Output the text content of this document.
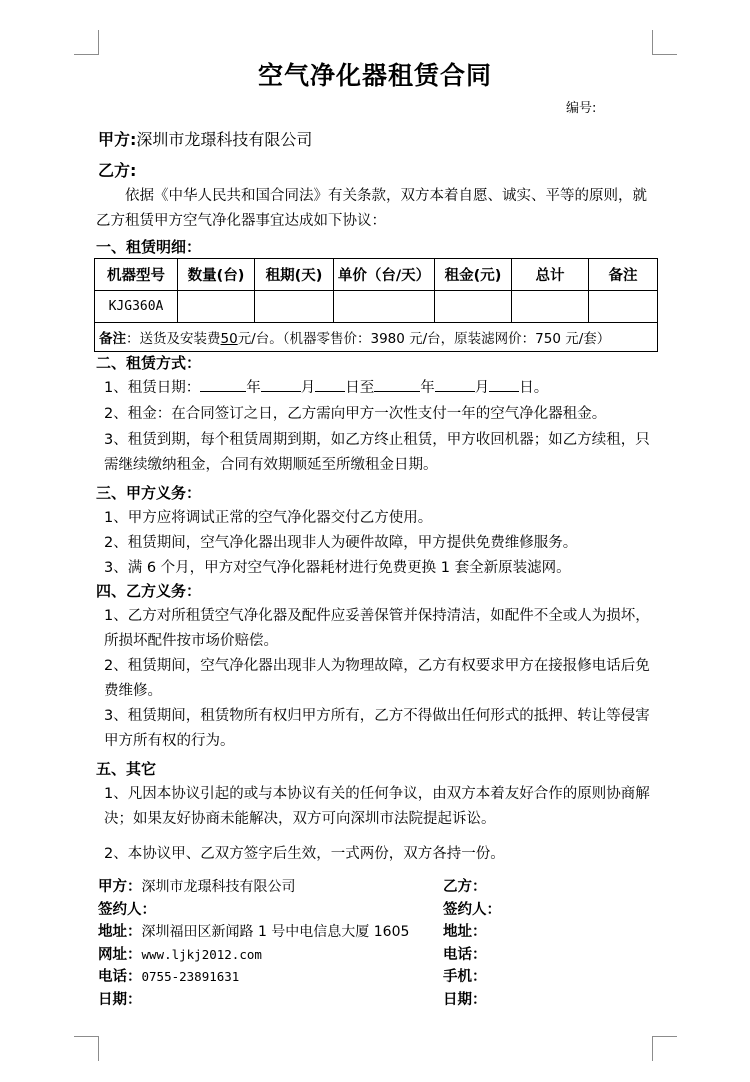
空气净化器租赁合同
编号:
甲方:深圳市龙璟科技有限公司
乙方:
依据《中华人民共和国合同法》有关条款，双方本着自愿、诚实、平等的原则，就乙方租赁甲方空气净化器事宜达成如下协议：
一、租赁明细：
机器型号	数量(台)	租期(天)	单价（台/天）	租金(元)	总计	备注
KJG360A						
备注：送货及安装费50元/台。（机器零售价：3980 元/台，原装滤网价：750 元/套）						
二、租赁方式：
1、租赁日期：	年	月 日至	年	月 日。
2、租金：在合同签订之日，乙方需向甲方一次性支付一年的空气净化器租金。
3、租赁到期，每个租赁周期到期，如乙方终止租赁，甲方收回机器；如乙方续租，只需继续缴纳租金，合同有效期顺延至所缴租金日期。
三、甲方义务：
1、甲方应将调试正常的空气净化器交付乙方使用。
2、租赁期间，空气净化器出现非人为硬件故障，甲方提供免费维修服务。
3、满 6 个月，甲方对空气净化器耗材进行免费更换 1 套全新原装滤网。
四、乙方义务：
1、乙方对所租赁空气净化器及配件应妥善保管并保持清洁，如配件不全或人为损坏， 所损坏配件按市场价赔偿。
2、租赁期间，空气净化器出现非人为物理故障，乙方有权要求甲方在接报修电话后免费维修。
3、租赁期间，租赁物所有权归甲方所有，乙方不得做出任何形式的抵押、转让等侵害甲方所有权的行为。
五、其它
1、凡因本协议引起的或与本协议有关的任何争议，由双方本着友好合作的原则协商解决；如果友好协商未能解决，双方可向深圳市法院提起诉讼。
2、本协议甲、乙双方签字后生效，一式两份，双方各持一份。
甲方：深圳市龙璟科技有限公司
签约人：
地址：深圳福田区新闻路 1 号中电信息大厦 1605
网址：www.ljkj2012.com
电话：0755-23891631
日期：
乙方：
签约人：
地址：
电话：
手机：
日期：
